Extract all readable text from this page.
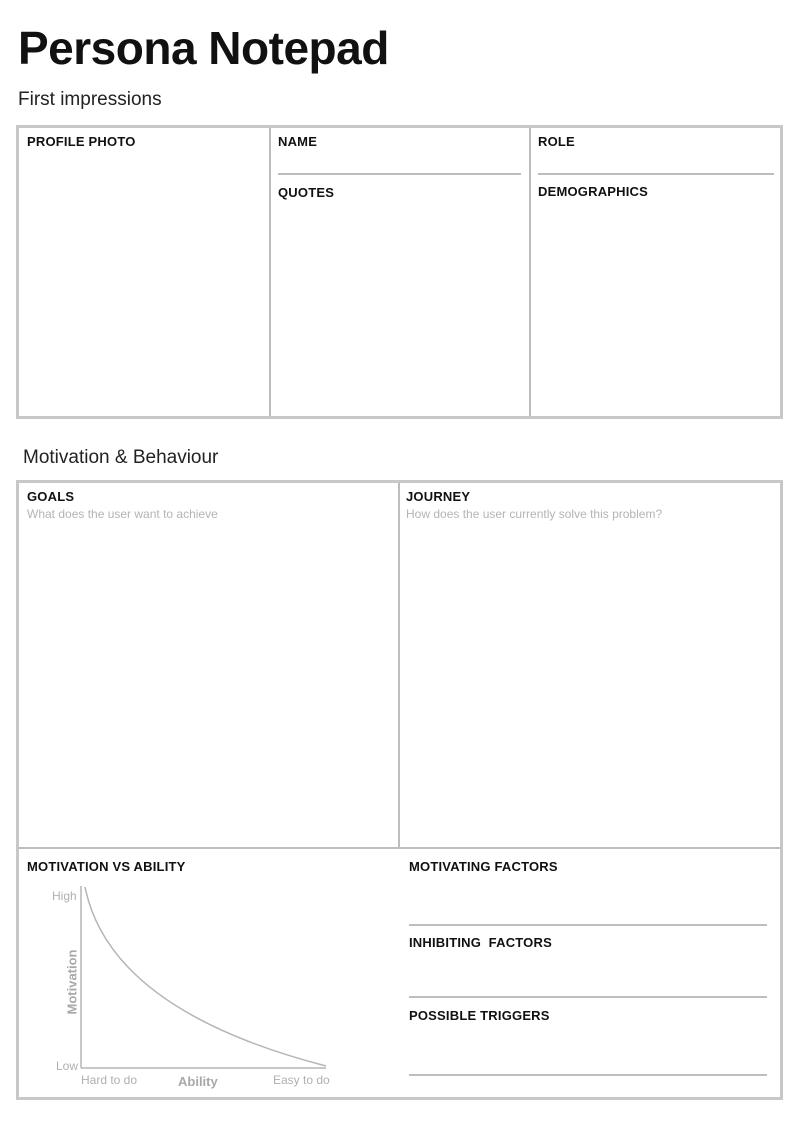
Persona Notepad
First impressions
PROFILE PHOTO	NAME
QUOTES
ROLE
DEMOGRAPHICS
Motivation & Behaviour
GOALS
What does the user want to achieve
JOURNEY
How does the user currently solve this problem?
MOTIVATION VS ABILITY
High
Low
Motivation
Hard to do	Ability	Easy to do
MOTIVATING FACTORS
INHIBITING  FACTORS
POSSIBLE TRIGGERS
